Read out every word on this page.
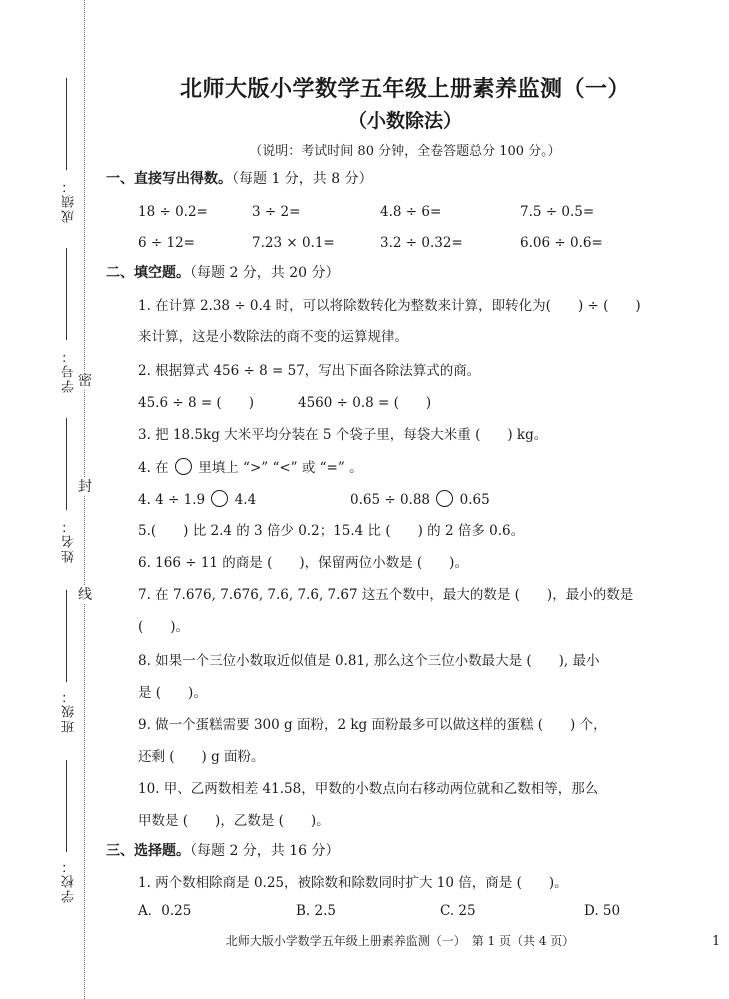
成绩：
学号：
姓名：
班级：
学校：
密
封
线
北师大版小学数学五年级上册素养监测（一）
（小数除法）
（说明：考试时间 80 分钟，全卷答题总分 100 分。）
一、直接写出得数。（每题 1 分，共 8 分）
18 ÷ 0.2=	3 ÷ 2=	4.8 ÷ 6=	7.5 ÷ 0.5=
6 ÷ 12=	7.23 × 0.1=	3.2 ÷ 0.32=	6.06 ÷ 0.6=
二、填空题。（每题 2 分，共 20 分）
1. 在计算 2.38 ÷ 0.4 时，可以将除数转化为整数来计算，即转化为(　　) ÷ (　　)
来计算，这是小数除法的商不变的运算规律。
2. 根据算式 456 ÷ 8 = 57，写出下面各除法算式的商。
45.6 ÷ 8 = (　　)	4560 ÷ 0.8 = (　　)
3. 把 18.5kg 大米平均分装在 5 个袋子里，每袋大米重 (　　) kg。
4. 在 里填上 “>” “<” 或 “=” 。
4. 4 ÷ 1.9 4.4	0.65 ÷ 0.88 0.65
5.(　　) 比 2.4 的 3 倍少 0.2；15.4 比 (　　) 的 2 倍多 0.6。
6. 166 ÷ 11 的商是 (　　)，保留两位小数是 (　　)。
7. 在 7.676, 7.6̇76̇, 7.6, 7.6̇, 7.6̇7̇ 这五个数中，最大的数是 (　　)，最小的数是
(　　)。
8. 如果一个三位小数取近似值是 0.81, 那么这个三位小数最大是 (　　), 最小
是 (　　)。
9. 做一个蛋糕需要 300 g 面粉，2 kg 面粉最多可以做这样的蛋糕 (　　) 个，
还剩 (　　) g 面粉。
10. 甲、乙两数相差 41.58，甲数的小数点向右移动两位就和乙数相等，那么
甲数是 (　　)，乙数是 (　　)。
三、选择题。（每题 2 分，共 16 分）
1. 两个数相除商是 0.25，被除数和除数同时扩大 10 倍，商是 (　　)。
A．0.25	B. 2.5	C. 25	D. 50
北师大版小学数学五年级上册素养监测（一）　第 1 页（共 4 页）	1
